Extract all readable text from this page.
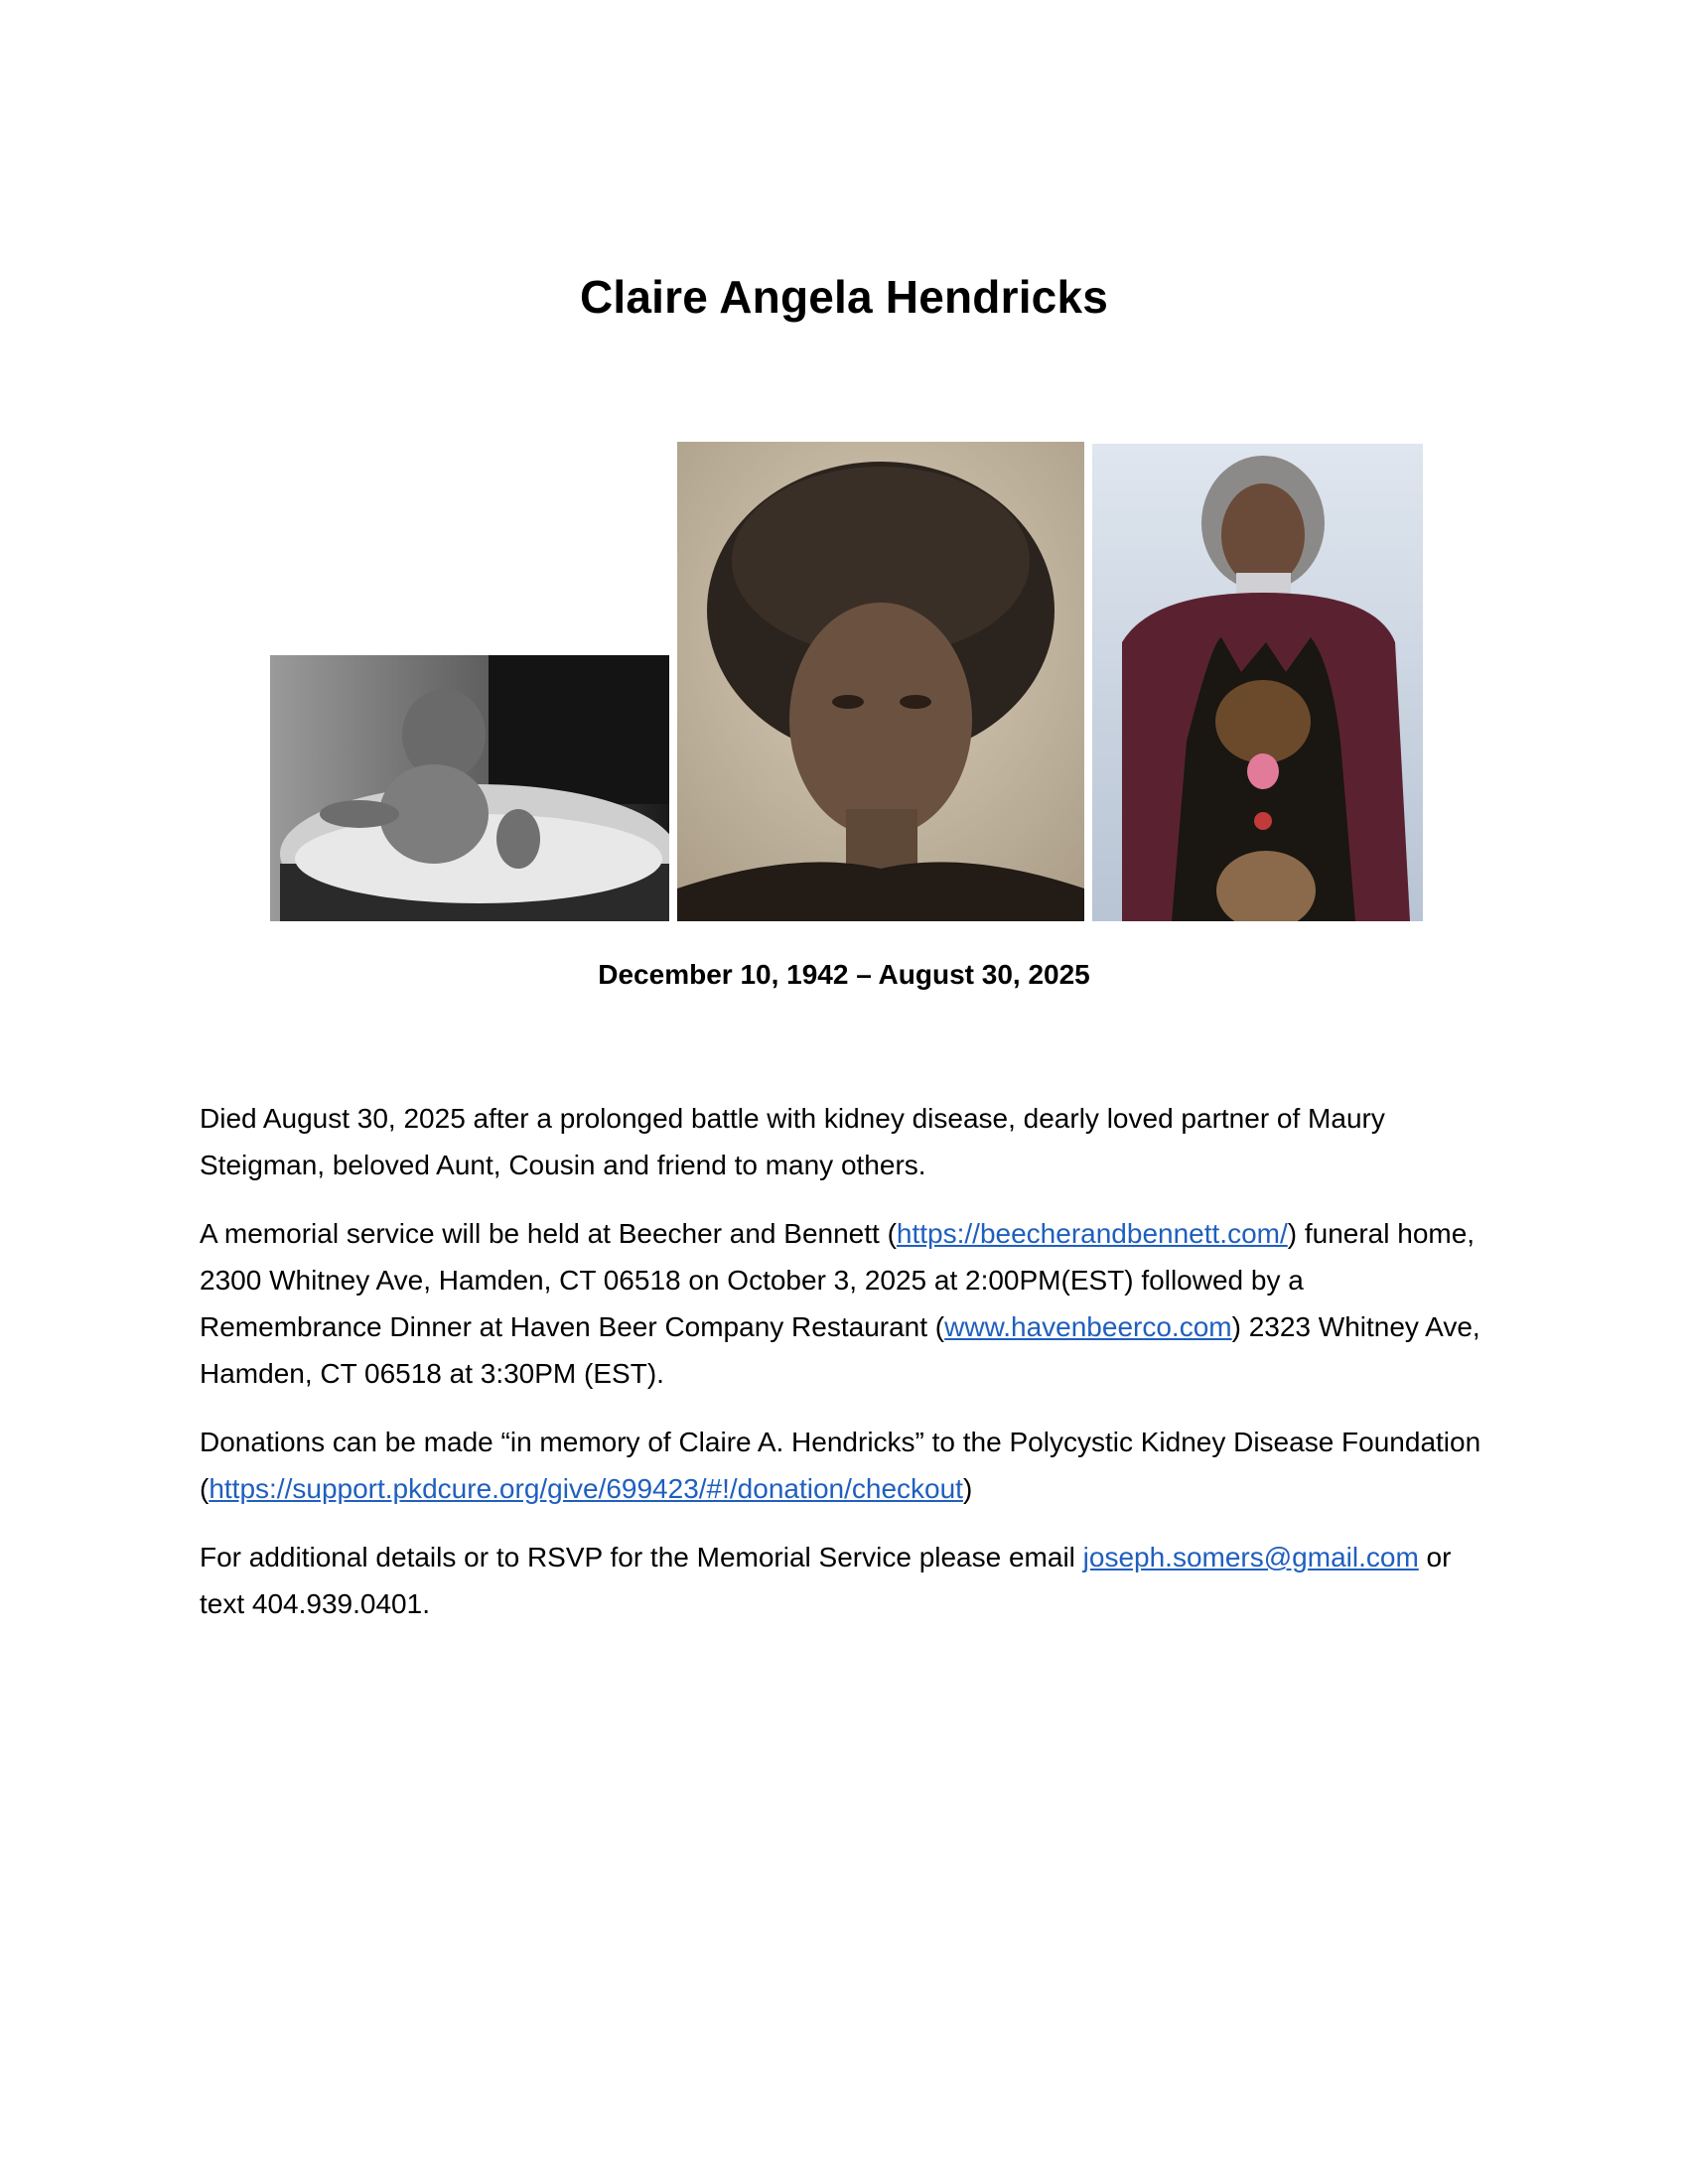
Claire Angela Hendricks
December 10, 1942 – August 30, 2025

Died August 30, 2025 after a prolonged battle with kidney disease, dearly loved partner of Maury Steigman, beloved Aunt, Cousin and friend to many others.

A memorial service will be held at Beecher and Bennett (https://beecherandbennett.com/) funeral home, 2300 Whitney Ave, Hamden, CT 06518 on October 3, 2025 at 2:00PM(EST) followed by a Remembrance Dinner at Haven Beer Company Restaurant (www.havenbeerco.com) 2323 Whitney Ave, Hamden, CT 06518 at 3:30PM (EST).

Donations can be made “in memory of Claire A. Hendricks” to the Polycystic Kidney Disease Foundation (https://support.pkdcure.org/give/699423/#!/donation/checkout)

For additional details or to RSVP for the Memorial Service please email joseph.somers@gmail.com or text 404.939.0401.
